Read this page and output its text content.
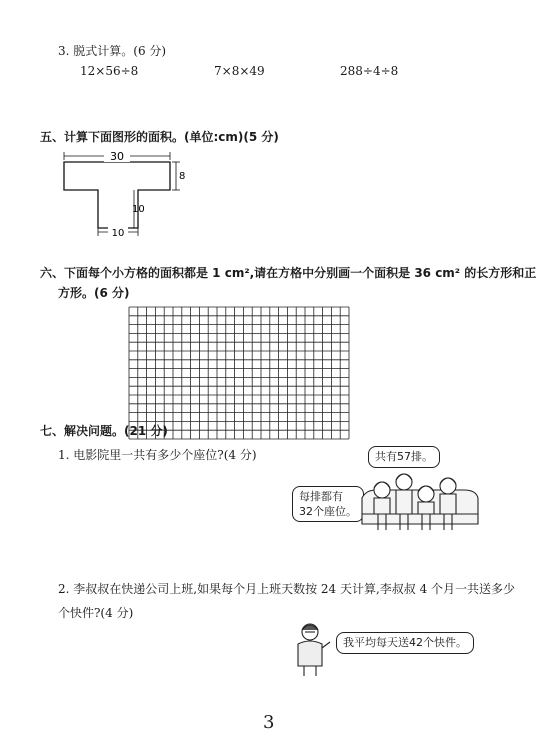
3. 脱式计算。(6 分)
12×56÷8	7×8×49	288÷4÷8
五、计算下面图形的面积。(单位:cm)(5 分)
30
8
10
10
六、下面每个小方格的面积都是 1 cm²,请在方格中分别画一个面积是 36 cm² 的长方形和正
方形。(6 分)
七、解决问题。(21 分)
1. 电影院里一共有多少个座位?(4 分)	共有57排。
每排都有
32个座位。
2. 李叔叔在快递公司上班,如果每个月上班天数按 24 天计算,李叔叔 4 个月一共送多少
个快件?(4 分)
我平均每天送42个快件。
3
